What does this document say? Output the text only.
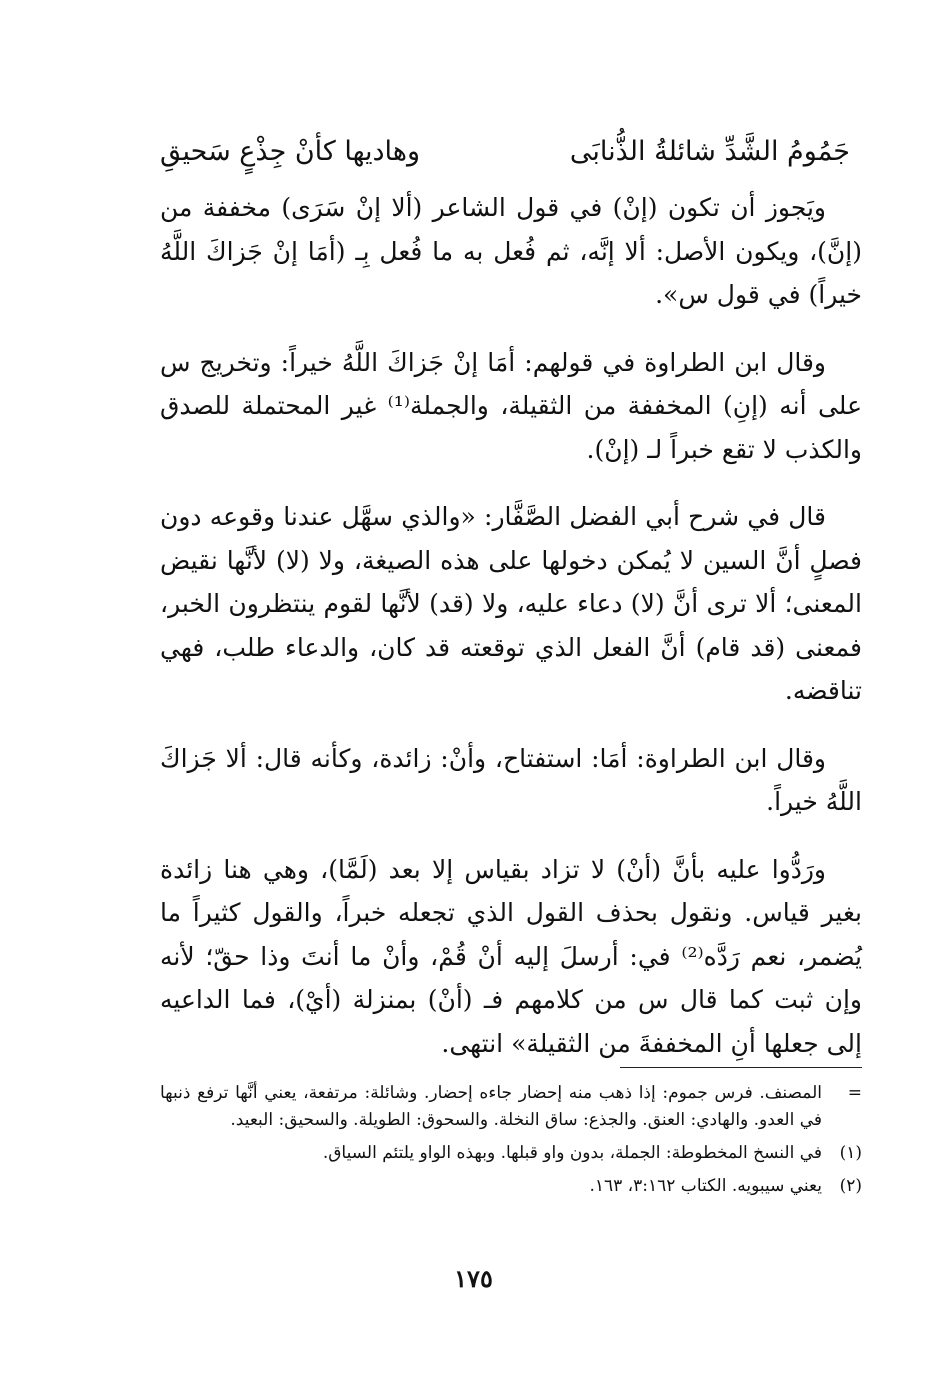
جَمُومُ الشَّدِّ شائلةُ الذُّنابَى
وهاديها كأنْ جِذْعٍ سَحيقِ

ويَجوز أن تكون (إنْ) في قول الشاعر (ألا إنْ سَرَى) مخففة من (إنَّ)، ويكون الأصل: ألا إنَّه، ثم فُعل به ما فُعل بِـ (أمَا إنْ جَزاكَ اللَّهُ خيراً) في قول س».

وقال ابن الطراوة في قولهم: أمَا إنْ جَزاكَ اللَّهُ خيراً: وتخريج س على أنه (إنِ) المخففة من الثقيلة، والجملة⁽¹⁾ غير المحتملة للصدق والكذب لا تقع خبراً لـ (إنْ).

قال في شرح أبي الفضل الصَّفَّار: «والذي سهَّل عندنا وقوعه دون فصلٍ أنَّ السين لا يُمكن دخولها على هذه الصيغة، ولا (لا) لأنَّها نقيض المعنى؛ ألا ترى أنَّ (لا) دعاء عليه، ولا (قد) لأنَّها لقوم ينتظرون الخبر، فمعنى (قد قام) أنَّ الفعل الذي توقعته قد كان، والدعاء طلب، فهي تناقضه.

وقال ابن الطراوة: أمَا: استفتاح، وأنْ: زائدة، وكأنه قال: ألا جَزاكَ اللَّهُ خيراً.

ورَدُّوا عليه بأنَّ (أنْ) لا تزاد بقياس إلا بعد (لَمَّا)، وهي هنا زائدة بغير قياس. ونقول بحذف القول الذي تجعله خبراً، والقول كثيراً ما يُضمر، نعم رَدَّه⁽²⁾ في: أرسلَ إليه أنْ قُمْ، وأنْ ما أنتَ وذا حقّ؛ لأنه وإن ثبت كما قال س من كلامهم فـ (أنْ) بمنزلة (أيْ)، فما الداعيه إلى جعلها أنِ المخففةَ من الثقيلة» انتهى.

=
المصنف. فرس جموم: إذا ذهب منه إحضار جاءه إحضار. وشائلة: مرتفعة، يعني أنَّها ترفع ذنبها في العدو. والهادي: العنق. والجذع: ساق النخلة. والسحوق: الطويلة. والسحيق: البعيد.
(١)
في النسخ المخطوطة: الجملة، بدون واو قبلها. وبهذه الواو يلتئم السياق.
(٢)
يعني سيبويه. الكتاب ٣:١٦٢، ١٦٣.
١٧٥
